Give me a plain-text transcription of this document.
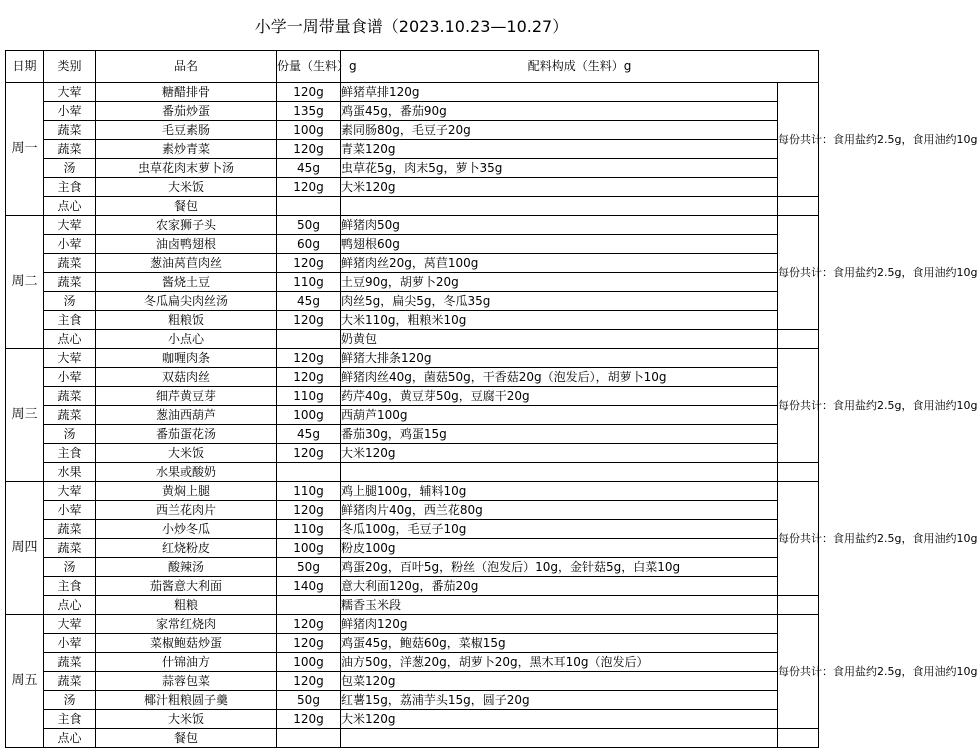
小学一周带量食谱（2023.10.23—10.27）
日期	类别	品名	份量（生料）g	配料构成（生料）g	
周一	大荤	糖醋排骨	120g	鲜猪草排120g	每份共计：食用盐约2.5g，食用油约10g
	小荤	番茄炒蛋	135g	鸡蛋45g，番茄90g	
	蔬菜	毛豆素肠	100g	素同肠80g，毛豆子20g	
	蔬菜	素炒青菜	120g	青菜120g	
	汤	虫草花肉末萝卜汤	45g	虫草花5g，肉末5g，萝卜35g	
	主食	大米饭	120g	大米120g	
	点心	餐包			
周二	大荤	农家狮子头	50g	鲜猪肉50g	每份共计：食用盐约2.5g，食用油约10g
	小荤	油卤鸭翅根	60g	鸭翅根60g	
	蔬菜	葱油莴苣肉丝	120g	鲜猪肉丝20g，莴苣100g	
	蔬菜	酱烧土豆	110g	土豆90g，胡萝卜20g	
	汤	冬瓜扁尖肉丝汤	45g	肉丝5g，扁尖5g，冬瓜35g	
	主食	粗粮饭	120g	大米110g，粗粮米10g	
	点心	小点心		奶黄包	
周三	大荤	咖喱肉条	120g	鲜猪大排条120g	每份共计：食用盐约2.5g，食用油约10g
	小荤	双菇肉丝	120g	鲜猪肉丝40g，菌菇50g，干香菇20g（泡发后），胡萝卜10g	
	蔬菜	细芹黄豆芽	110g	药芹40g，黄豆芽50g，豆腐干20g	
	蔬菜	葱油西葫芦	100g	西葫芦100g	
	汤	番茄蛋花汤	45g	番茄30g，鸡蛋15g	
	主食	大米饭	120g	大米120g	
	水果	水果或酸奶			
周四	大荤	黄焖上腿	110g	鸡上腿100g，辅料10g	每份共计：食用盐约2.5g，食用油约10g
	小荤	西兰花肉片	120g	鲜猪肉片40g，西兰花80g	
	蔬菜	小炒冬瓜	110g	冬瓜100g，毛豆子10g	
	蔬菜	红烧粉皮	100g	粉皮100g	
	汤	酸辣汤	50g	鸡蛋20g，百叶5g，粉丝（泡发后）10g，金针菇5g，白菜10g	
	主食	茄酱意大利面	140g	意大利面120g，番茄20g	
	点心	粗粮		糯香玉米段	
周五	大荤	家常红烧肉	120g	鲜猪肉120g	每份共计：食用盐约2.5g，食用油约10g
	小荤	菜椒鲍菇炒蛋	120g	鸡蛋45g，鲍菇60g，菜椒15g	
	蔬菜	什锦油方	100g	油方50g，洋葱20g，胡萝卜20g，黑木耳10g（泡发后）	
	蔬菜	蒜蓉包菜	120g	包菜120g	
	汤	椰汁粗粮圆子羹	50g	红薯15g，荔浦芋头15g，圆子20g	
	主食	大米饭	120g	大米120g	
	点心	餐包			
